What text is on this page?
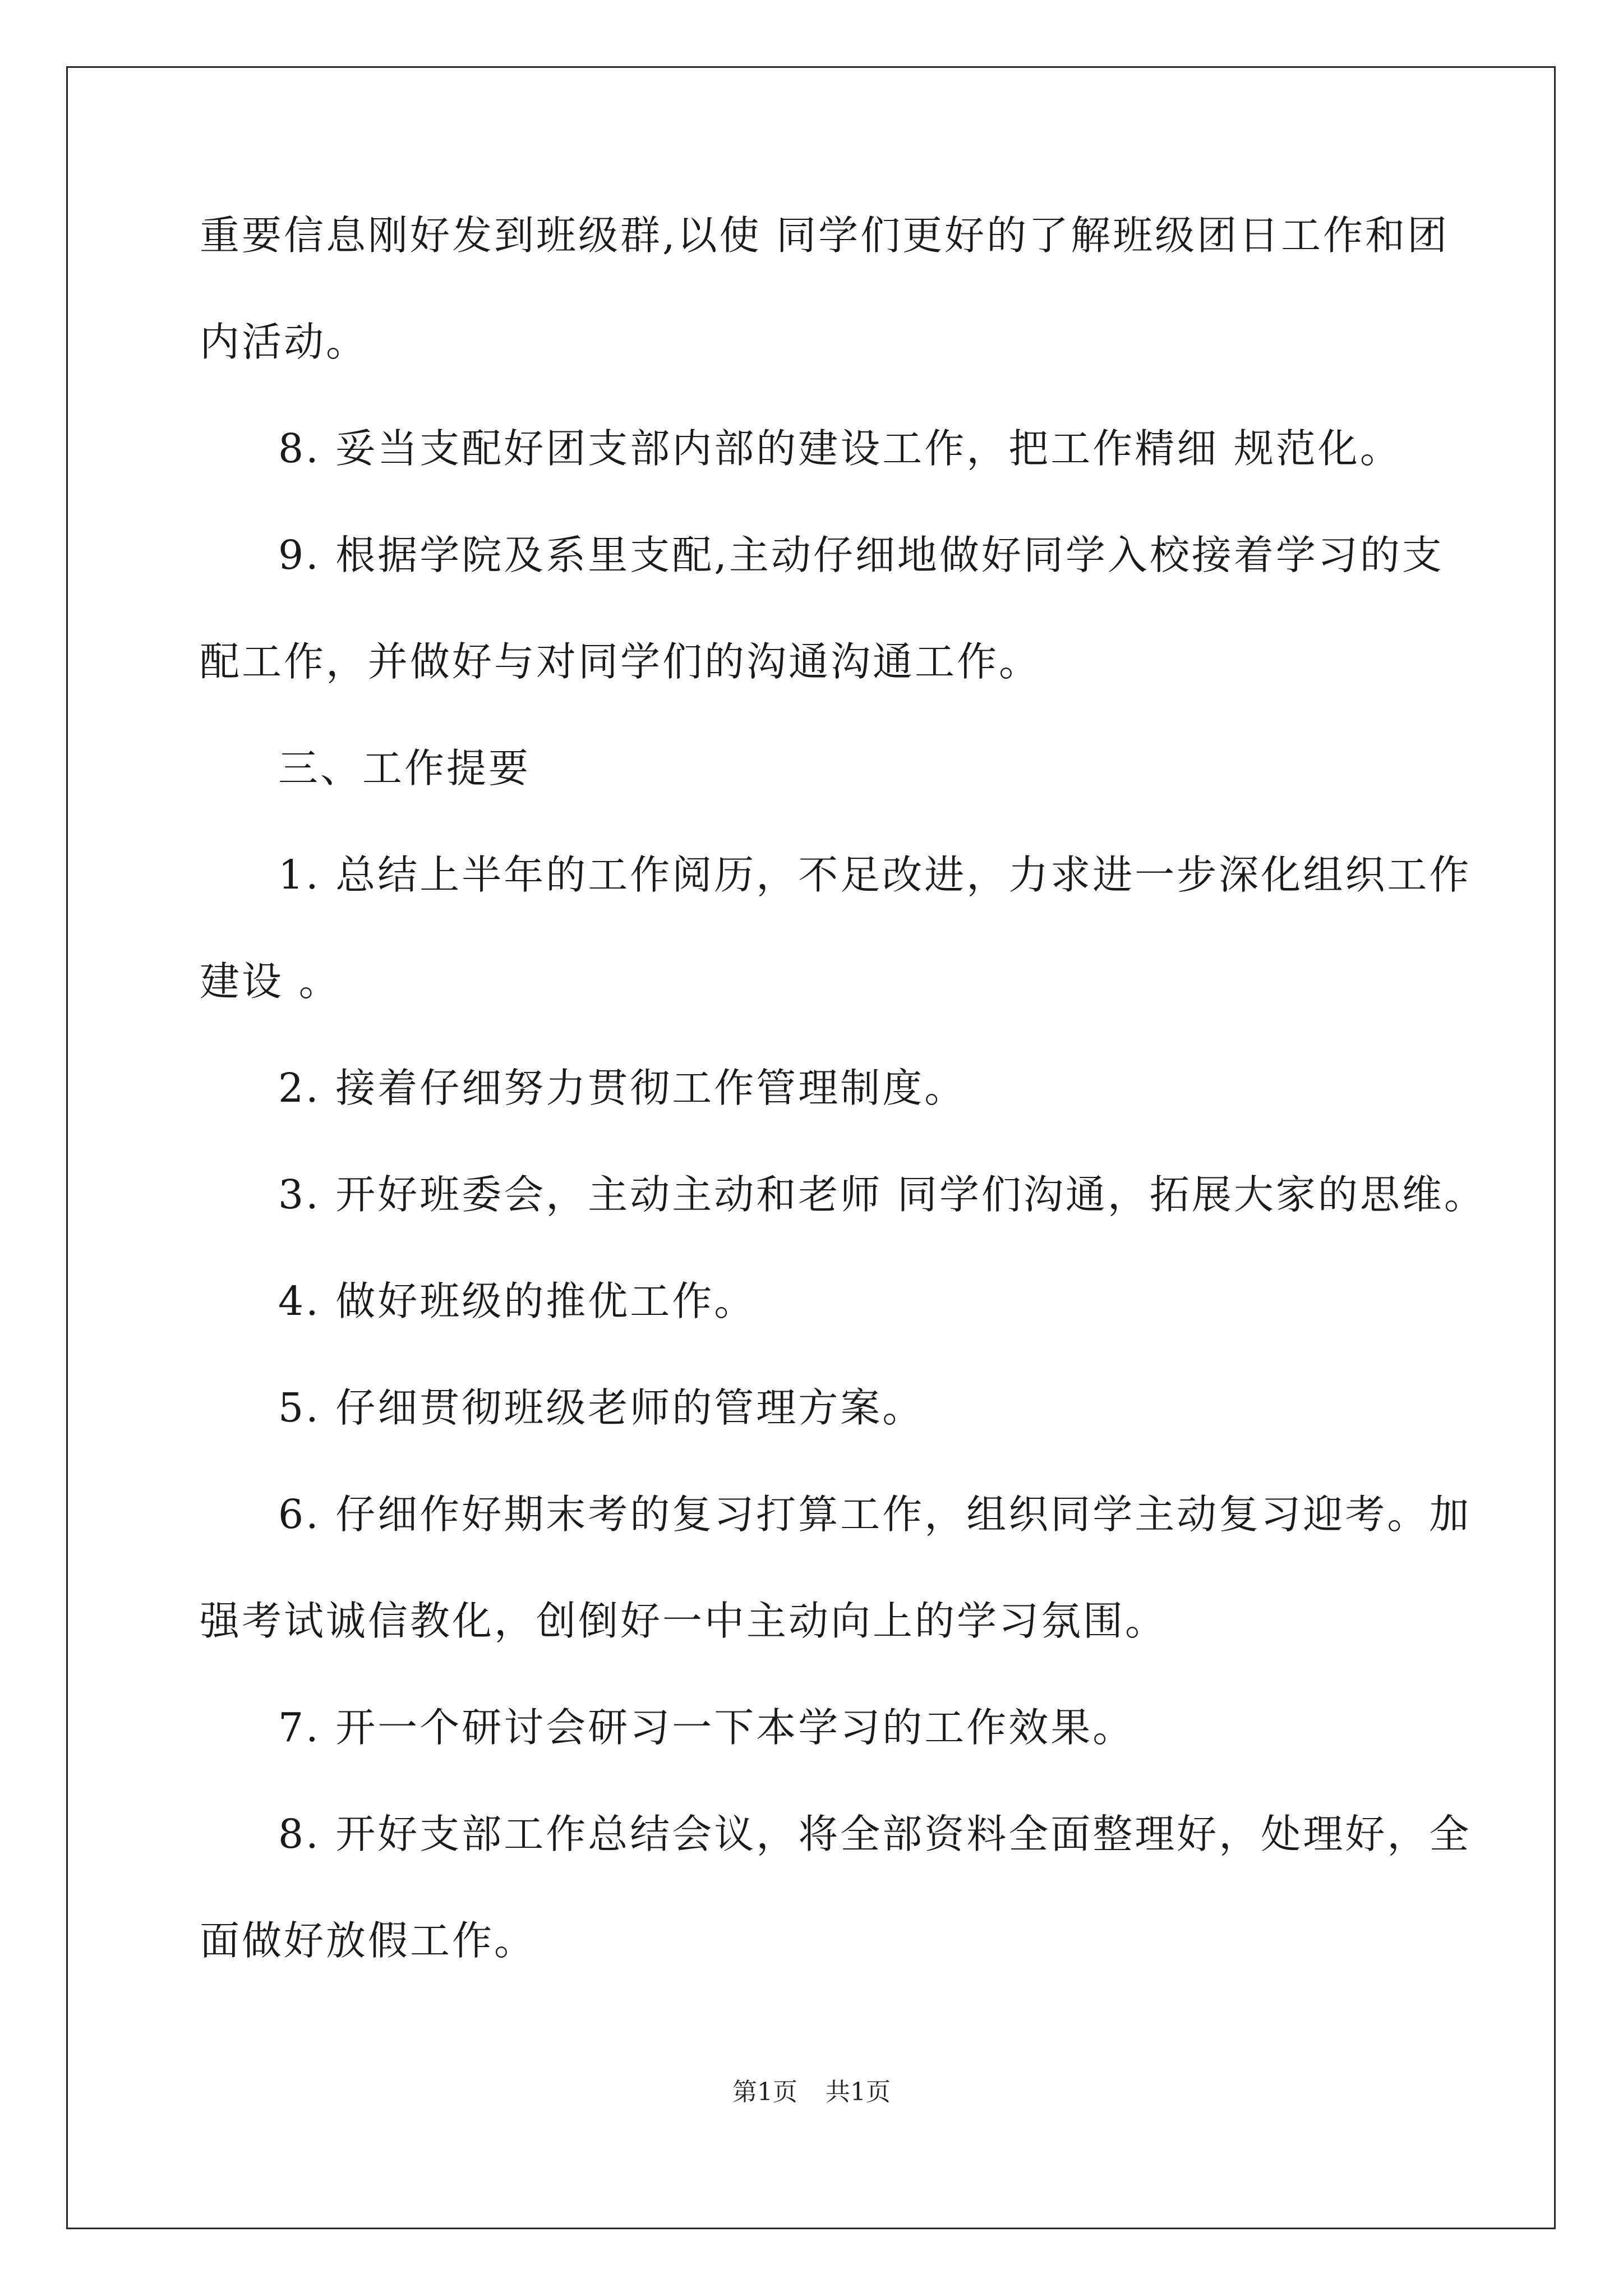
重要信息刚好发到班级群,以使 同学们更好的了解班级团日工作和团
内活动。
8. 妥当支配好团支部内部的建设工作，把工作精细 规范化。
9. 根据学院及系里支配,主动仔细地做好同学入校接着学习的支
配工作，并做好与对同学们的沟通沟通工作。
三、工作提要
1. 总结上半年的工作阅历，不足改进，力求进一步深化组织工作
建设 。
2. 接着仔细努力贯彻工作管理制度。
3. 开好班委会，主动主动和老师 同学们沟通，拓展大家的思维。
4. 做好班级的推优工作。
5. 仔细贯彻班级老师的管理方案。
6. 仔细作好期末考的复习打算工作，组织同学主动复习迎考。加
强考试诚信教化，创倒好一中主动向上的学习氛围。
7. 开一个研讨会研习一下本学习的工作效果。
8. 开好支部工作总结会议，将全部资料全面整理好，处理好，全
面做好放假工作。
第1页 共1页
